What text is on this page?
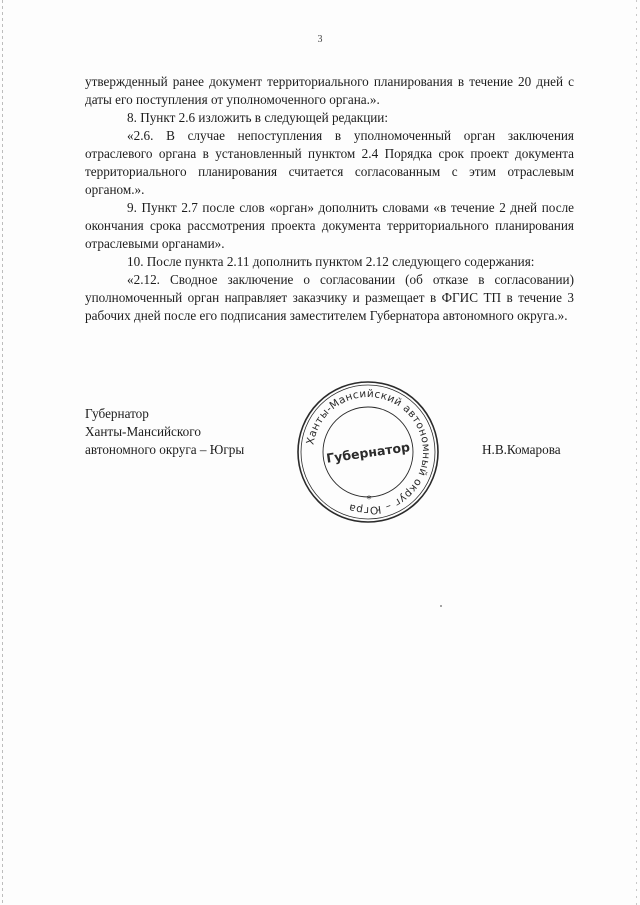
3

утвержденный ранее документ территориального планирования в течение 20 дней с даты его поступления от уполномоченного органа.».

8. Пункт 2.6 изложить в следующей редакции:

«2.6. В случае непоступления в уполномоченный орган заключения отраслевого органа в установленный пунктом 2.4 Порядка срок проект документа территориального планирования считается согласованным с этим отраслевым органом.».

9. Пункт 2.7 после слов «орган» дополнить словами «в течение 2 дней после окончания срока рассмотрения проекта документа территориального планирования отраслевыми органами».

10. После пункта 2.11 дополнить пунктом 2.12 следующего содержания:

«2.12. Сводное заключение о согласовании (об отказе в согласовании) уполномоченный орган направляет заказчику и размещает в ФГИС ТП в течение 3 рабочих дней после его подписания заместителем Губернатора автономного округа.».

Губернатор
Ханты-Мансийского
автономного округа – Югры
Ханты-Мансийский автономный округ – Югра
Губернатор
*
Н.В.Комарова
